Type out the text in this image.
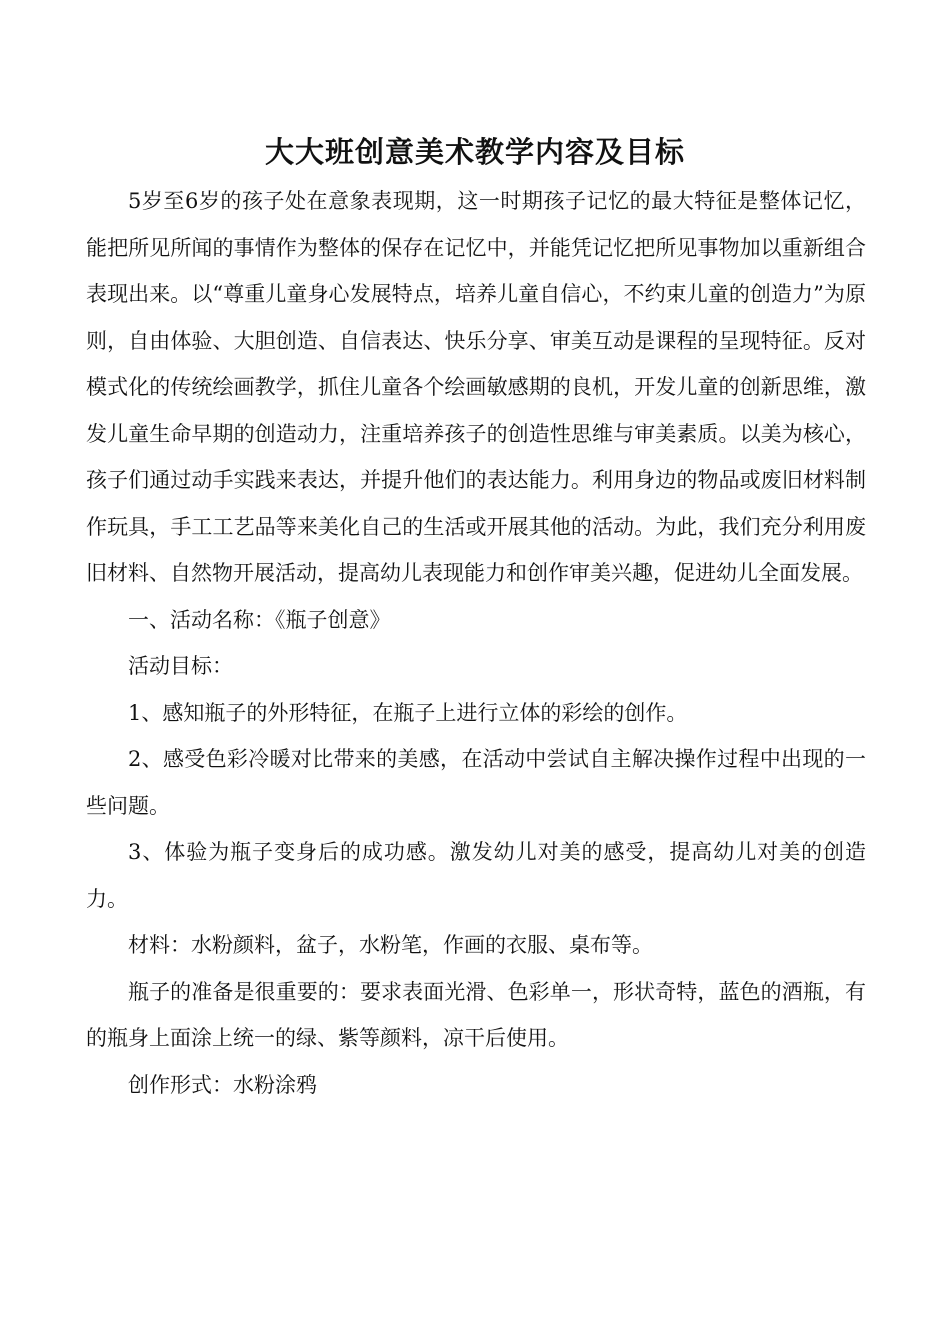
大大班创意美术教学内容及目标

5岁至6岁的孩子处在意象表现期，这一时期孩子记忆的最大特征是整体记忆，能把所见所闻的事情作为整体的保存在记忆中，并能凭记忆把所见事物加以重新组合表现出来。以“尊重儿童身心发展特点，培养儿童自信心，不约束儿童的创造力”为原则，自由体验、大胆创造、自信表达、快乐分享、审美互动是课程的呈现特征。反对模式化的传统绘画教学，抓住儿童各个绘画敏感期的良机，开发儿童的创新思维，激发儿童生命早期的创造动力，注重培养孩子的创造性思维与审美素质。以美为核心，孩子们通过动手实践来表达，并提升他们的表达能力。利用身边的物品或废旧材料制作玩具，手工工艺品等来美化自己的生活或开展其他的活动。为此，我们充分利用废旧材料、自然物开展活动，提高幼儿表现能力和创作审美兴趣，促进幼儿全面发展。

一、活动名称：《瓶子创意》

活动目标：

1、感知瓶子的外形特征，在瓶子上进行立体的彩绘的创作。

2、感受色彩冷暖对比带来的美感，在活动中尝试自主解决操作过程中出现的一些问题。

3、体验为瓶子变身后的成功感。激发幼儿对美的感受，提高幼儿对美的创造力。

材料：水粉颜料，盆子，水粉笔，作画的衣服、桌布等。

瓶子的准备是很重要的：要求表面光滑、色彩单一，形状奇特，蓝色的酒瓶，有的瓶身上面涂上统一的绿、紫等颜料，凉干后使用。

创作形式：水粉涂鸦
